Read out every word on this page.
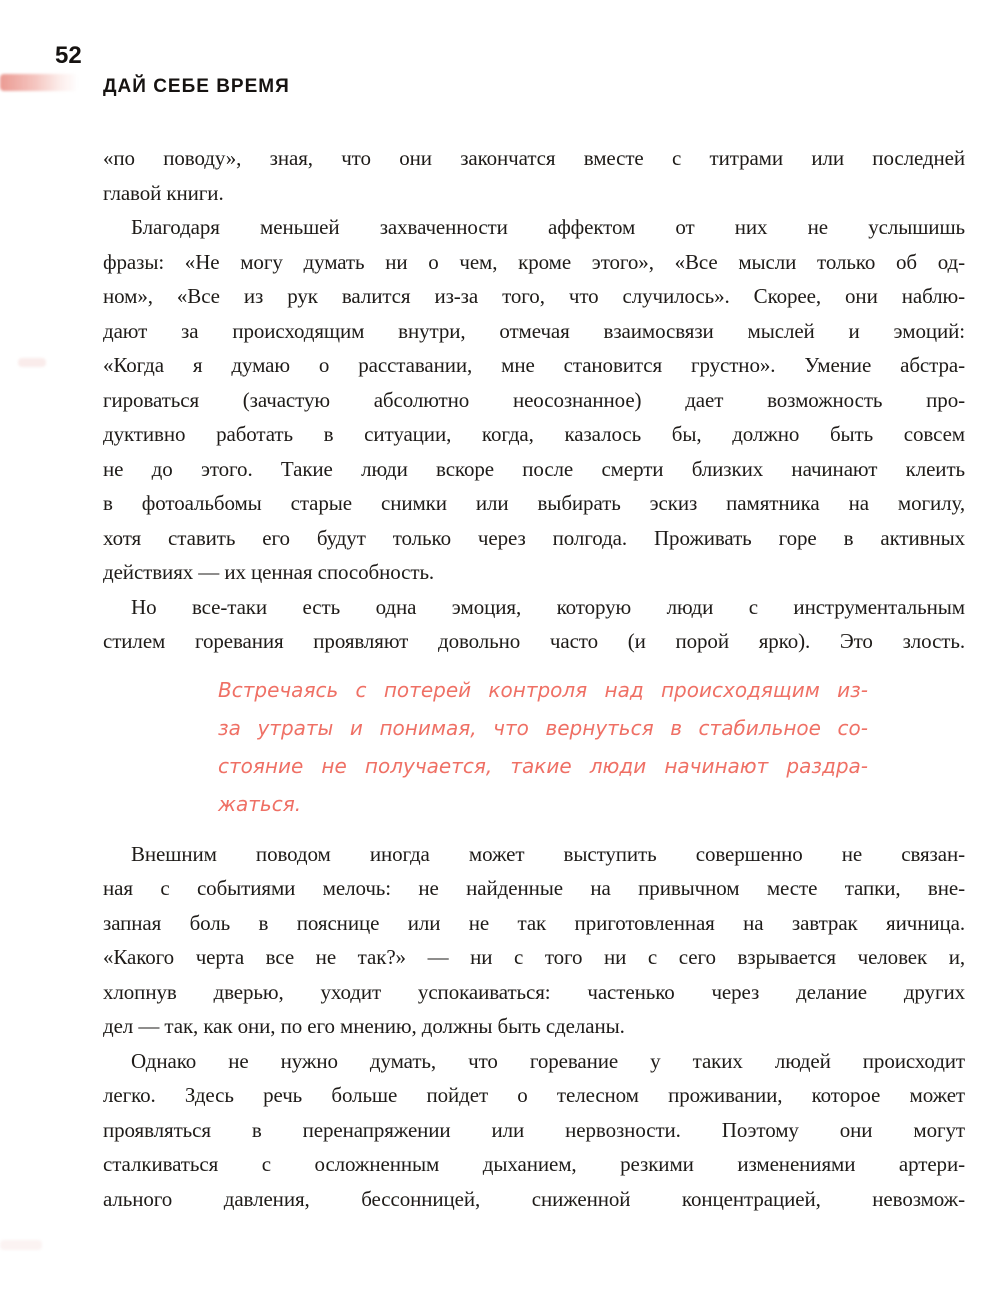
52
ДАЙ СЕБЕ ВРЕМЯ
«по поводу», зная, что они закончатся вместе с титрами или последней
главой книги.
Благодаря меньшей захваченности аффектом от них не услышишь
фразы: «Не могу думать ни о чем, кроме этого», «Все мысли только об од-
ном», «Все из рук валится из-за того, что случилось». Скорее, они наблю-
дают за происходящим внутри, отмечая взаимосвязи мыслей и эмоций:
«Когда я думаю о расставании, мне становится грустно». Умение абстра-
гироваться (зачастую абсолютно неосознанное) дает возможность про-
дуктивно работать в ситуации, когда, казалось бы, должно быть совсем
не до этого. Такие люди вскоре после смерти близких начинают клеить
в фотоальбомы старые снимки или выбирать эскиз памятника на могилу,
хотя ставить его будут только через полгода. Проживать горе в активных
действиях — их ценная способность.
Но все-таки есть одна эмоция, которую люди с инструментальным
стилем горевания проявляют довольно часто (и порой ярко). Это злость.
Встречаясь с потерей контроля над происходящим из-
за утраты и понимая, что вернуться в стабильное со-
стояние не получается, такие люди начинают раздра-
жаться.
Внешним поводом иногда может выступить совершенно не связан-
ная с событиями мелочь: не найденные на привычном месте тапки, вне-
запная боль в пояснице или не так приготовленная на завтрак яичница.
«Какого черта все не так?» — ни с того ни с сего взрывается человек и,
хлопнув дверью, уходит успокаиваться: частенько через делание других
дел — так, как они, по его мнению, должны быть сделаны.
Однако не нужно думать, что горевание у таких людей происходит
легко. Здесь речь больше пойдет о телесном проживании, которое может
проявляться в перенапряжении или нервозности. Поэтому они могут
сталкиваться с осложненным дыханием, резкими изменениями артери-
ального давления, бессонницей, сниженной концентрацией, невозмож-
